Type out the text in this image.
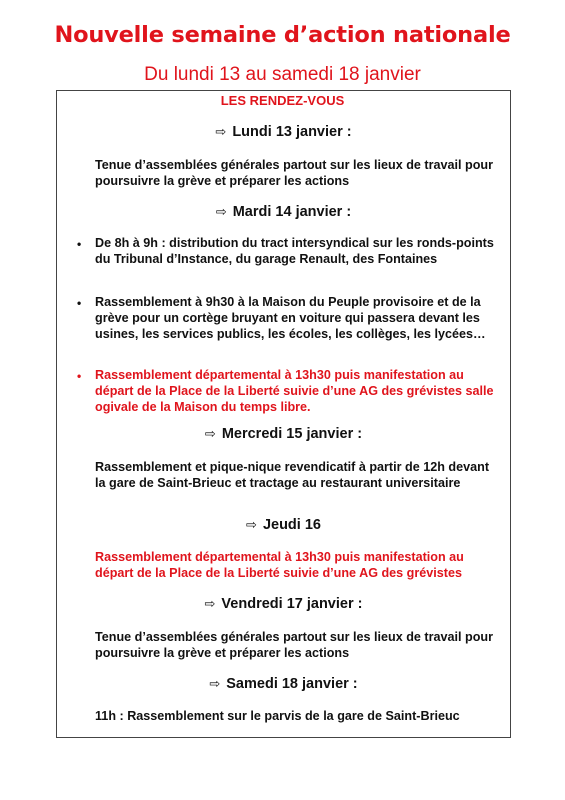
Nouvelle semaine d’action nationale
Du lundi 13 au samedi 18 janvier
LES RENDEZ-VOUS
⇨ Lundi 13 janvier :
Tenue d’assemblées générales partout sur les lieux de travail pour poursuivre la grève et préparer les actions
⇨ Mardi 14 janvier :
• De 8h à 9h : distribution du tract intersyndical sur les ronds-points du Tribunal d’Instance, du garage Renault, des Fontaines
• Rassemblement à 9h30 à la Maison du Peuple provisoire et de la grève pour un cortège bruyant en voiture qui passera devant les usines, les services publics, les écoles, les collèges, les lycées…
• Rassemblement départemental à 13h30 puis manifestation au départ de la Place de la Liberté suivie d’une AG des grévistes salle ogivale de la Maison du temps libre.
⇨ Mercredi 15 janvier :
Rassemblement et pique-nique revendicatif à partir de 12h devant la gare de Saint-Brieuc et tractage au restaurant universitaire
⇨ Jeudi 16
Rassemblement départemental à 13h30 puis manifestation au départ de la Place de la Liberté suivie d’une AG des grévistes
⇨ Vendredi 17 janvier :
Tenue d’assemblées générales partout sur les lieux de travail pour poursuivre la grève et préparer les actions
⇨ Samedi 18 janvier :
11h : Rassemblement sur le parvis de la gare de Saint-Brieuc
